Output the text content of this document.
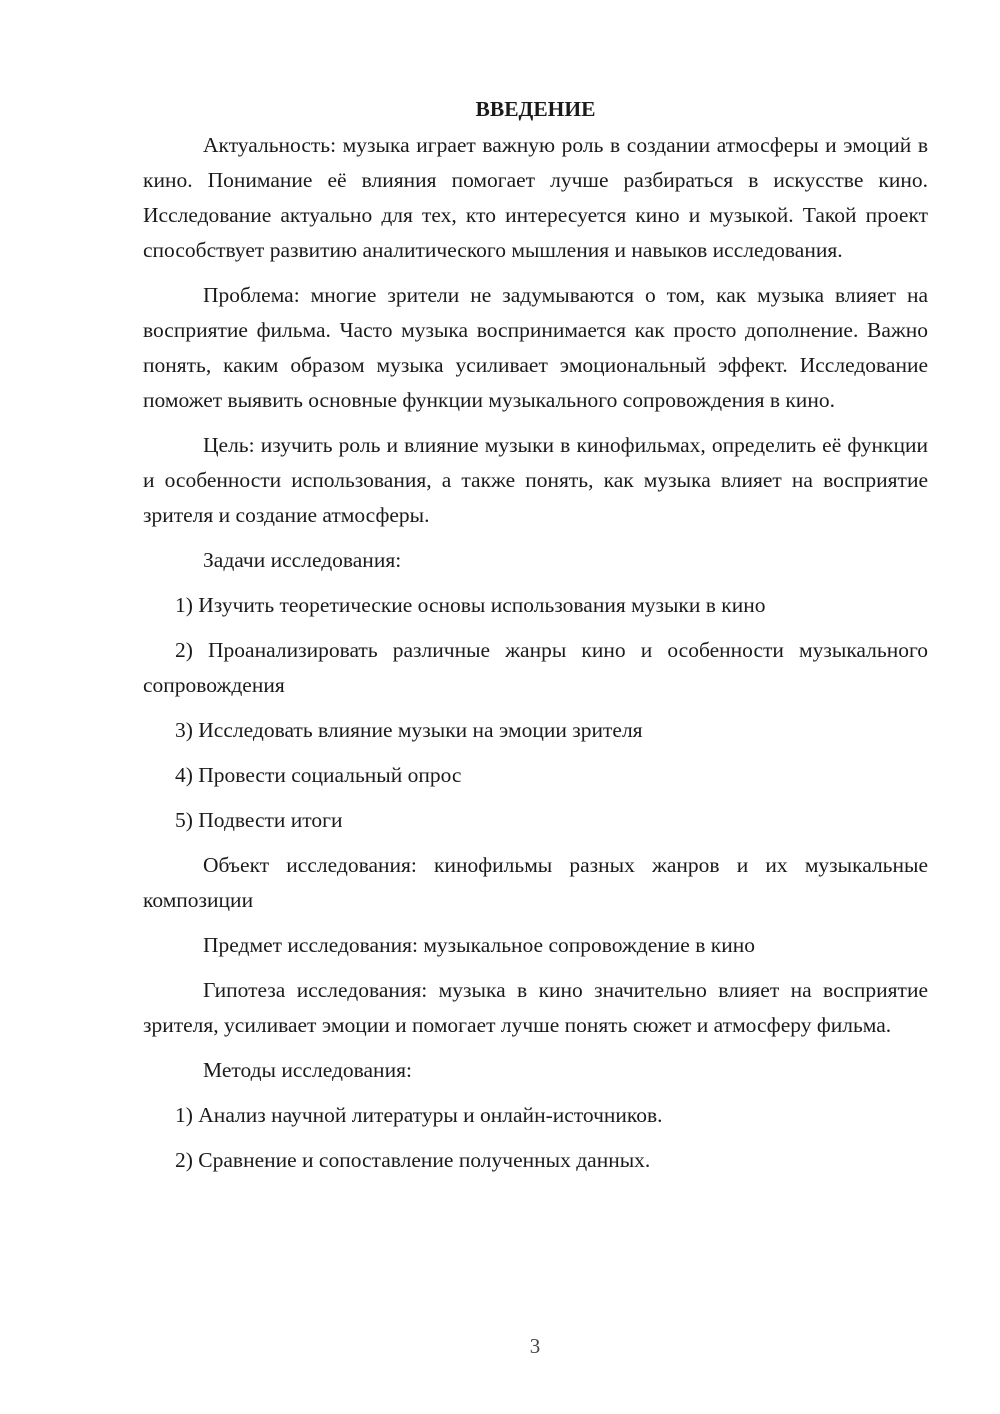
ВВЕДЕНИЕ

Актуальность: музыка играет важную роль в создании атмосферы и эмоций в кино. Понимание её влияния помогает лучше разбираться в искусстве кино. Исследование актуально для тех, кто интересуется кино и музыкой. Такой проект способствует развитию аналитического мышления и навыков исследования.

Проблема: многие зрители не задумываются о том, как музыка влияет на восприятие фильма. Часто музыка воспринимается как просто дополнение. Важно понять, каким образом музыка усиливает эмоциональный эффект. Исследование поможет выявить основные функции музыкального сопровождения в кино.

Цель: изучить роль и влияние музыки в кинофильмах, определить её функции и особенности использования, а также понять, как музыка влияет на восприятие зрителя и создание атмосферы.

Задачи исследования:

1) Изучить теоретические основы использования музыки в кино

2) Проанализировать различные жанры кино и особенности музыкального сопровождения

3) Исследовать влияние музыки на эмоции зрителя

4) Провести социальный опрос

5) Подвести итоги

Объект исследования: кинофильмы разных жанров и их музыкальные композиции

Предмет исследования: музыкальное сопровождение в кино

Гипотеза исследования: музыка в кино значительно влияет на восприятие зрителя, усиливает эмоции и помогает лучше понять сюжет и атмосферу фильма.

Методы исследования:

1) Анализ научной литературы и онлайн-источников.

2) Сравнение и сопоставление полученных данных.

3
